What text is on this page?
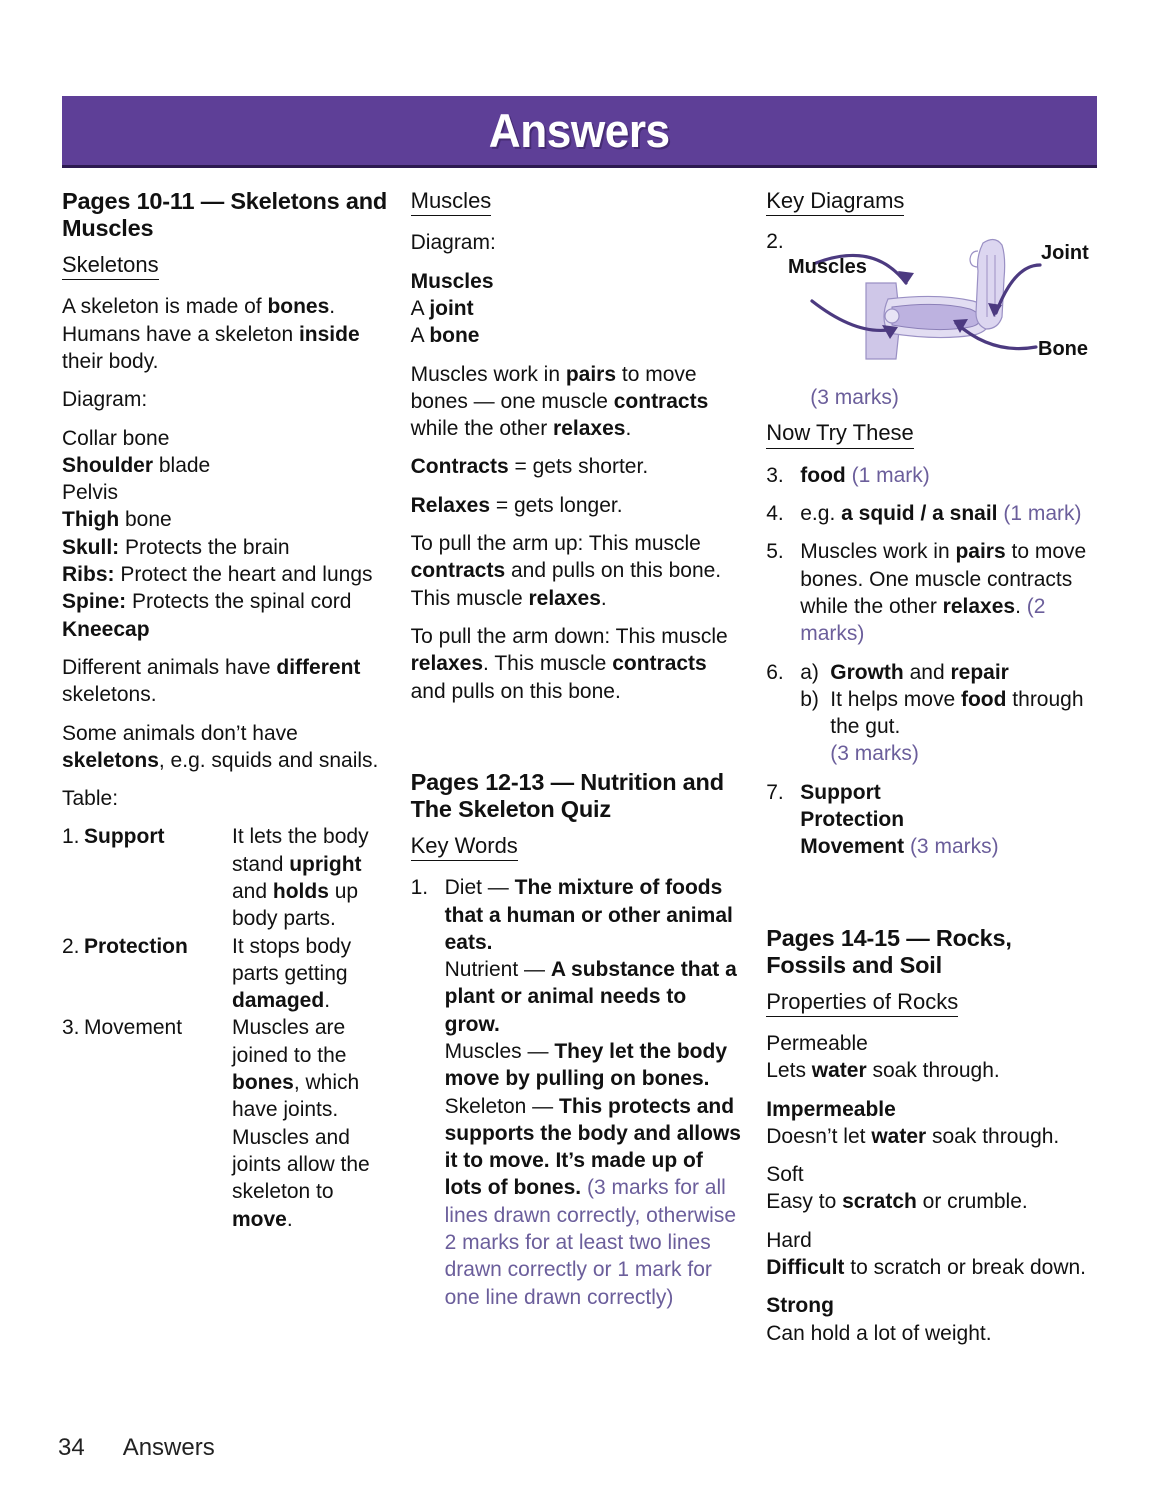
Answers
Pages 10-11 — Skeletons and Muscles
Skeletons

A skeleton is made of bones. Humans have a skeleton inside their body.

Diagram:
Collar bone
Shoulder blade
Pelvis
Thigh bone
Skull: Protects the brain
Ribs: Protect the heart and lungs
Spine: Protects the spinal cord
Kneecap

Different animals have different skeletons.

Some animals don’t have skeletons, e.g. squids and snails.

Table:
1. Support	It lets the body stand upright and holds up body parts.
2. Protection	It stops body parts getting damaged.
3. Movement	Muscles are joined to the bones, which have joints. Muscles and joints allow the skeleton to move.
Muscles
Diagram:
Muscles
A joint
A bone

Muscles work in pairs to move bones — one muscle contracts while the other relaxes.

Contracts = gets shorter.
Relaxes = gets longer.
To pull the arm up: This muscle contracts and pulls on this bone. This muscle relaxes.
To pull the arm down: This muscle relaxes. This muscle contracts and pulls on this bone.
Pages 12-13 — Nutrition and The Skeleton Quiz
Key Words
1. Diet — The mixture of foods that a human or other animal eats.
Nutrient — A substance that a plant or animal needs to grow.
Muscles — They let the body move by pulling on bones.
Skeleton — This protects and supports the body and allows it to move. It’s made up of lots of bones. (3 marks for all lines drawn correctly, otherwise 2 marks for at least two lines drawn correctly or 1 mark for one line drawn correctly)
Key Diagrams
2.
Muscles
Joint
Bone
(3 marks)
Now Try These
3. food (1 mark)
4. e.g. a squid / a snail (1 mark)
5. Muscles work in pairs to move bones. One muscle contracts while the other relaxes. (2 marks)
6. a) Growth and repair
b) It helps move food through the gut.
(3 marks)
7. Support
Protection
Movement (3 marks)
Pages 14-15 — Rocks, Fossils and Soil
Properties of Rocks
Permeable
Lets water soak through.
Impermeable
Doesn’t let water soak through.
Soft
Easy to scratch or crumble.
Hard
Difficult to scratch or break down.
Strong
Can hold a lot of weight.
34 Answers
